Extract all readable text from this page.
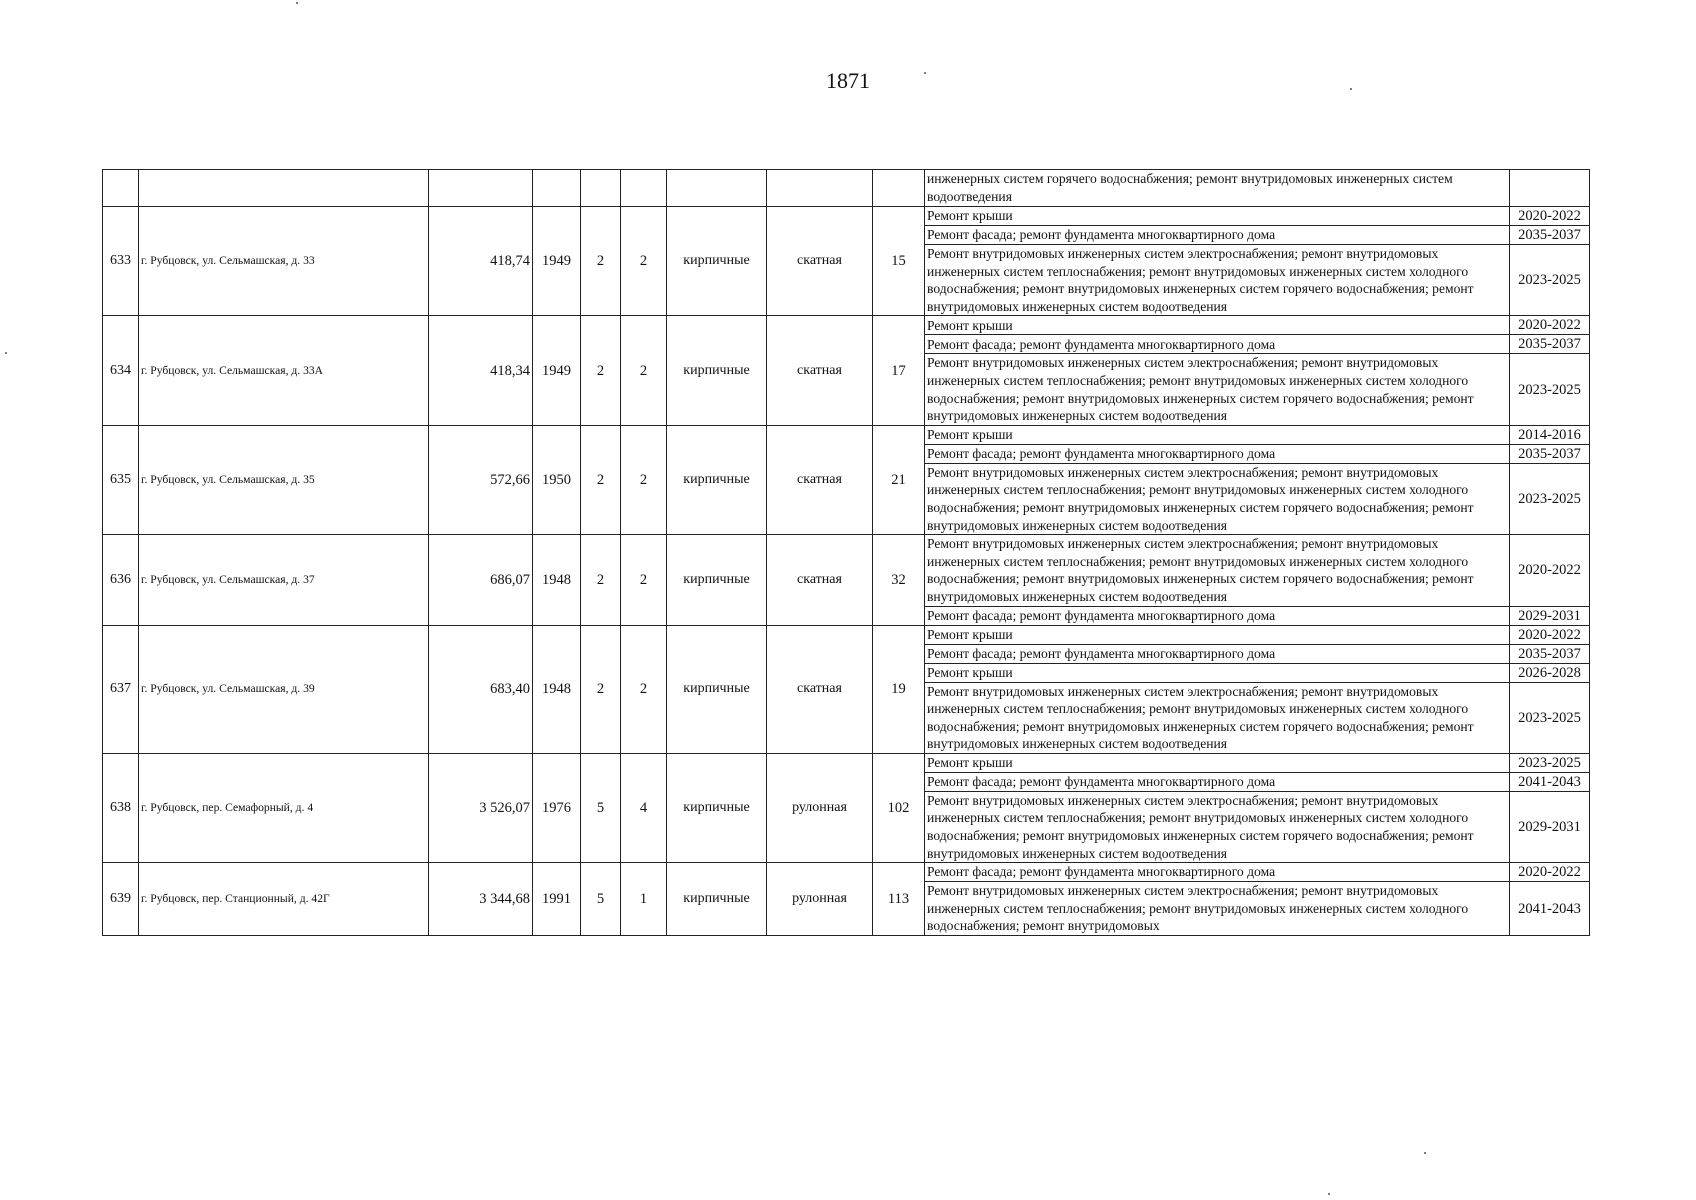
1871
									инженерных систем горячего водоснабжения; ремонт внутридомовых инженерных систем водоотведения	
633	г. Рубцовск, ул. Сельмашская, д. 33	418,74	1949	2	2	кирпичные	скатная	15	Ремонт крыши	2020-2022
									Ремонт фасада; ремонт фундамента многоквартирного дома	2035-2037
									Ремонт внутридомовых инженерных систем электроснабжения; ремонт внутридомовых инженерных систем теплоснабжения; ремонт внутридомовых инженерных систем холодного водоснабжения; ремонт внутридомовых инженерных систем горячего водоснабжения; ремонт внутридомовых инженерных систем водоотведения	2023-2025
634	г. Рубцовск, ул. Сельмашская, д. 33А	418,34	1949	2	2	кирпичные	скатная	17	Ремонт крыши	2020-2022
									Ремонт фасада; ремонт фундамента многоквартирного дома	2035-2037
									Ремонт внутридомовых инженерных систем электроснабжения; ремонт внутридомовых инженерных систем теплоснабжения; ремонт внутридомовых инженерных систем холодного водоснабжения; ремонт внутридомовых инженерных систем горячего водоснабжения; ремонт внутридомовых инженерных систем водоотведения	2023-2025
635	г. Рубцовск, ул. Сельмашская, д. 35	572,66	1950	2	2	кирпичные	скатная	21	Ремонт крыши	2014-2016
									Ремонт фасада; ремонт фундамента многоквартирного дома	2035-2037
									Ремонт внутридомовых инженерных систем электроснабжения; ремонт внутридомовых инженерных систем теплоснабжения; ремонт внутридомовых инженерных систем холодного водоснабжения; ремонт внутридомовых инженерных систем горячего водоснабжения; ремонт внутридомовых инженерных систем водоотведения	2023-2025
636	г. Рубцовск, ул. Сельмашская, д. 37	686,07	1948	2	2	кирпичные	скатная	32	Ремонт внутридомовых инженерных систем электроснабжения; ремонт внутридомовых инженерных систем теплоснабжения; ремонт внутридомовых инженерных систем холодного водоснабжения; ремонт внутридомовых инженерных систем горячего водоснабжения; ремонт внутридомовых инженерных систем водоотведения	2020-2022
									Ремонт фасада; ремонт фундамента многоквартирного дома	2029-2031
637	г. Рубцовск, ул. Сельмашская, д. 39	683,40	1948	2	2	кирпичные	скатная	19	Ремонт крыши	2020-2022
									Ремонт фасада; ремонт фундамента многоквартирного дома	2035-2037
									Ремонт крыши	2026-2028
									Ремонт внутридомовых инженерных систем электроснабжения; ремонт внутридомовых инженерных систем теплоснабжения; ремонт внутридомовых инженерных систем холодного водоснабжения; ремонт внутридомовых инженерных систем горячего водоснабжения; ремонт внутридомовых инженерных систем водоотведения	2023-2025
638	г. Рубцовск, пер. Семафорный, д. 4	3 526,07	1976	5	4	кирпичные	рулонная	102	Ремонт крыши	2023-2025
									Ремонт фасада; ремонт фундамента многоквартирного дома	2041-2043
									Ремонт внутридомовых инженерных систем электроснабжения; ремонт внутридомовых инженерных систем теплоснабжения; ремонт внутридомовых инженерных систем холодного водоснабжения; ремонт внутридомовых инженерных систем горячего водоснабжения; ремонт внутридомовых инженерных систем водоотведения	2029-2031
639	г. Рубцовск, пер. Станционный, д. 42Г	3 344,68	1991	5	1	кирпичные	рулонная	113	Ремонт фасада; ремонт фундамента многоквартирного дома	2020-2022
									Ремонт внутридомовых инженерных систем электроснабжения; ремонт внутридомовых инженерных систем теплоснабжения; ремонт внутридомовых инженерных систем холодного водоснабжения; ремонт внутридомовых	2041-2043
